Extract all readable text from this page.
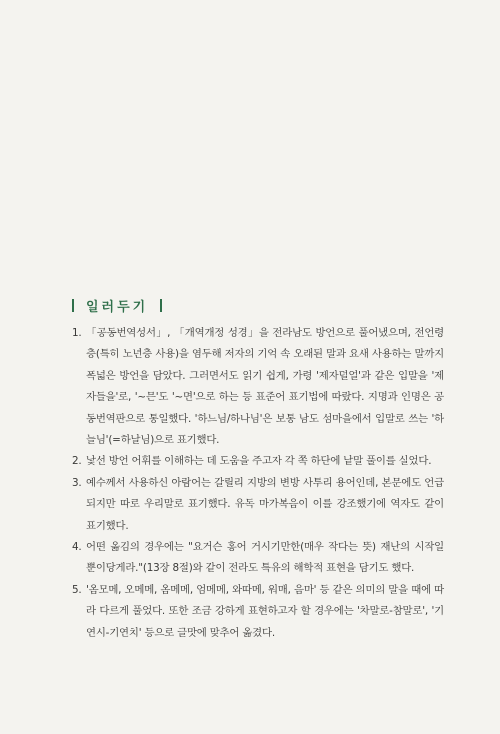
일러두기
1. 「공동번역성서」, 「개역개정 성경」을 전라남도 방언으로 풀어냈으며, 전언령층(특히 노년층 사용)을 염두해 저자의 기억 속 오래된 말과 요새 사용하는 말까지 폭넓은 방언을 담았다. 그러면서도 읽기 쉽게, 가령 '제자덜얼'과 같은 입말을 '제자들을'로, '~믄'도 '~면'으로 하는 등 표준어 표기법에 따랐다. 지명과 인명은 공동번역판으로 통일했다. '하느님/하나님'은 보통 남도 섬마을에서 입말로 쓰는 '하늘님'(=하날님)으로 표기했다.
2. 낯선 방언 어휘를 이해하는 데 도움을 주고자 각 쪽 하단에 낱말 풀이를 실었다.
3. 예수께서 사용하신 아람어는 갈릴리 지방의 변방 사투리 용어인데, 본문에도 언급되지만 따로 우리말로 표기했다. 유독 마가복음이 이를 강조했기에 역자도 같이 표기했다.
4. 어떤 옮김의 경우에는 "요거슨 홍어 거시기만한(매우 작다는 뜻) 재난의 시작일 뿐이당게라."(13장 8절)와 같이 전라도 특유의 해학적 표현을 담기도 했다.
5. '옴모메, 오메메, 옴메메, 엄메메, 와따메, 워매, 음마' 등 같은 의미의 말을 때에 따라 다르게 풀었다. 또한 조금 강하게 표현하고자 할 경우에는 '차말로-참말로', '기연시-기연치' 등으로 글맛에 맞추어 옮겼다.
